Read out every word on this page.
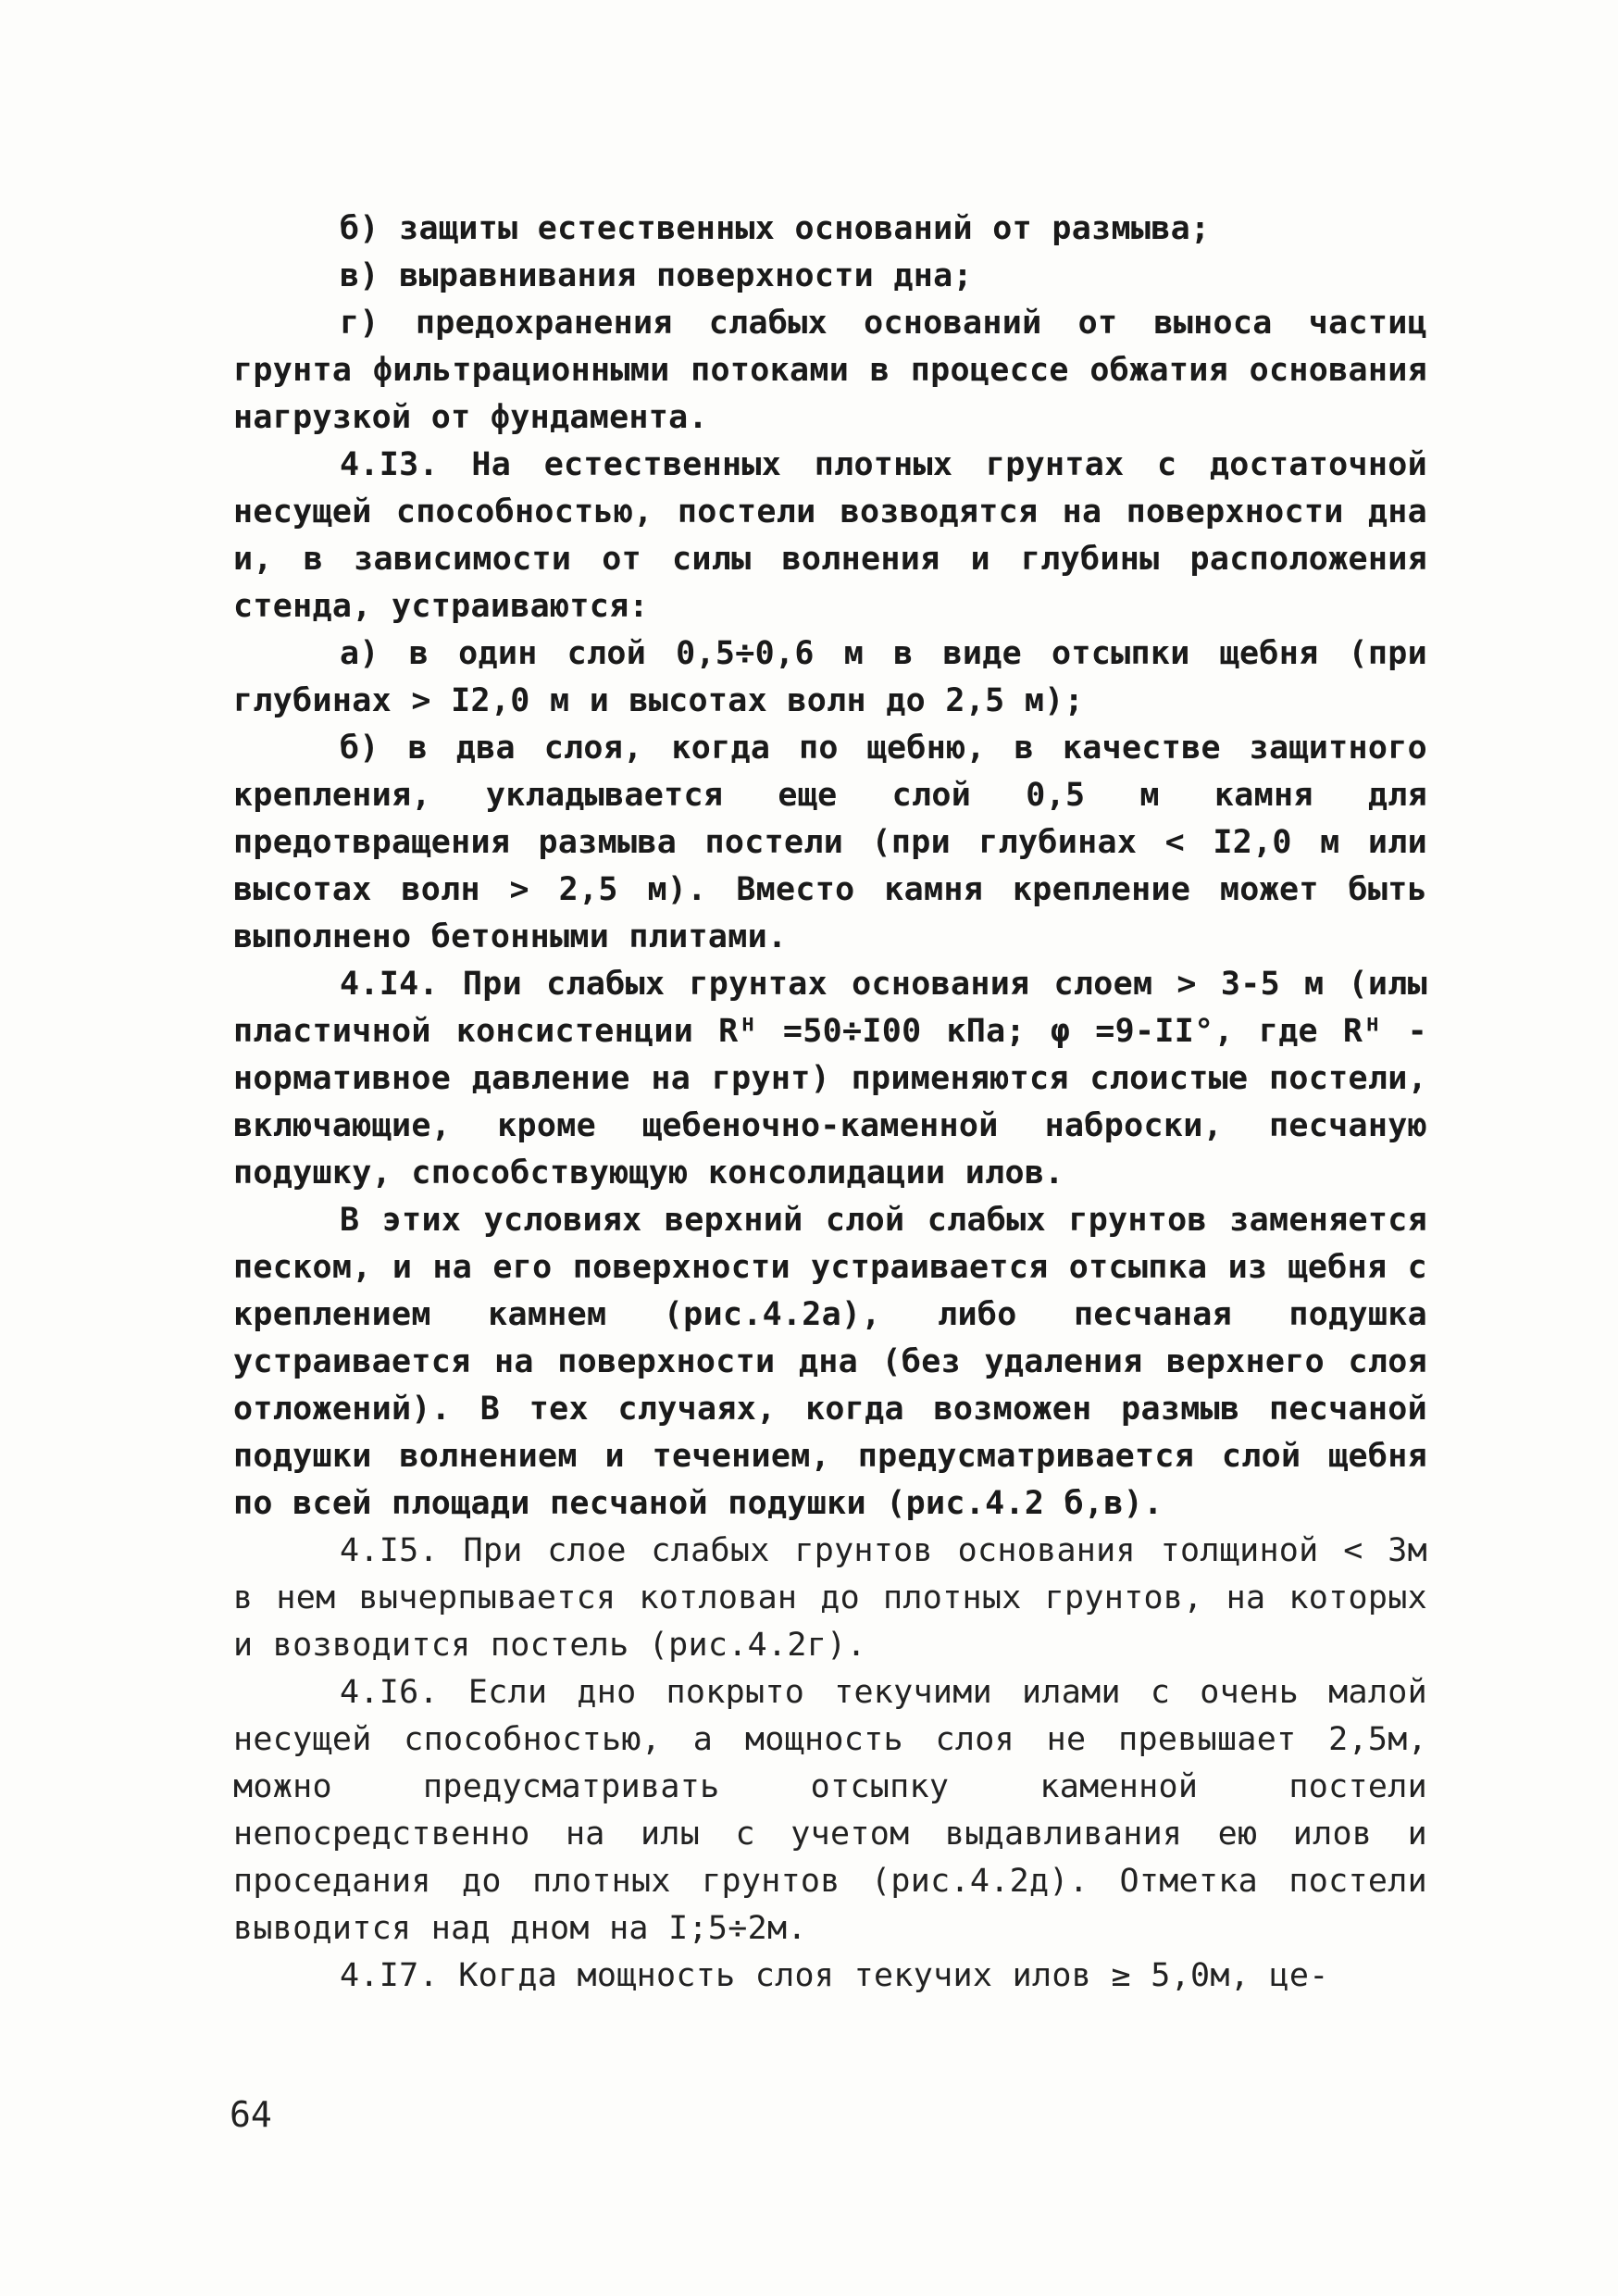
б) защиты естественных оснований от размыва;

в) выравнивания поверхности дна;

г) предохранения слабых оснований от выноса частиц грунта фильтрационными потоками в процессе обжатия основания нагрузкой от фундамента.

4.I3. На естественных плотных грунтах с достаточной несущей способностью, постели возводятся на поверхности дна и, в зависимости от силы волнения и глубины расположения стенда, устраиваются:

а) в один слой 0,5÷0,6 м в виде отсыпки щебня (при глубинах > I2,0 м и высотах волн до 2,5 м);

б) в два слоя, когда по щебню, в качестве защитного крепления, укладывается еще слой 0,5 м камня для предотвращения размыва постели (при глубинах < I2,0 м или высотах волн > 2,5 м). Вместо камня крепление может быть выполнено бетонными плитами.

4.I4. При слабых грунтах основания слоем > 3-5 м (илы пластичной консистенции Rᴴ =50÷I00 кПа; φ =9-II°, где Rᴴ - нормативное давление на грунт) применяются слоистые постели, включающие, кроме щебеночно-каменной наброски, песчаную подушку, способствующую консолидации илов.

В этих условиях верхний слой слабых грунтов заменяется песком, и на его поверхности устраивается отсыпка из щебня с креплением камнем (рис.4.2а), либо песчаная подушка устраивается на поверхности дна (без удаления верхнего слоя отложений). В тех случаях, когда возможен размыв песчаной подушки волнением и течением, предусматривается слой щебня по всей площади песчаной подушки (рис.4.2 б,в).

4.I5. При слое слабых грунтов основания толщиной < 3м в нем вычерпывается котлован до плотных грунтов, на которых и возводится постель (рис.4.2г).

4.I6. Если дно покрыто текучими илами с очень малой несущей способностью, а мощность слоя не превышает 2,5м, можно предусматривать отсыпку каменной постели непосредственно на илы с учетом выдавливания ею илов и проседания до плотных грунтов (рис.4.2д). Отметка постели выводится над дном на I;5÷2м.

4.I7. Когда мощность слоя текучих илов ≥ 5,0м, це-

64
